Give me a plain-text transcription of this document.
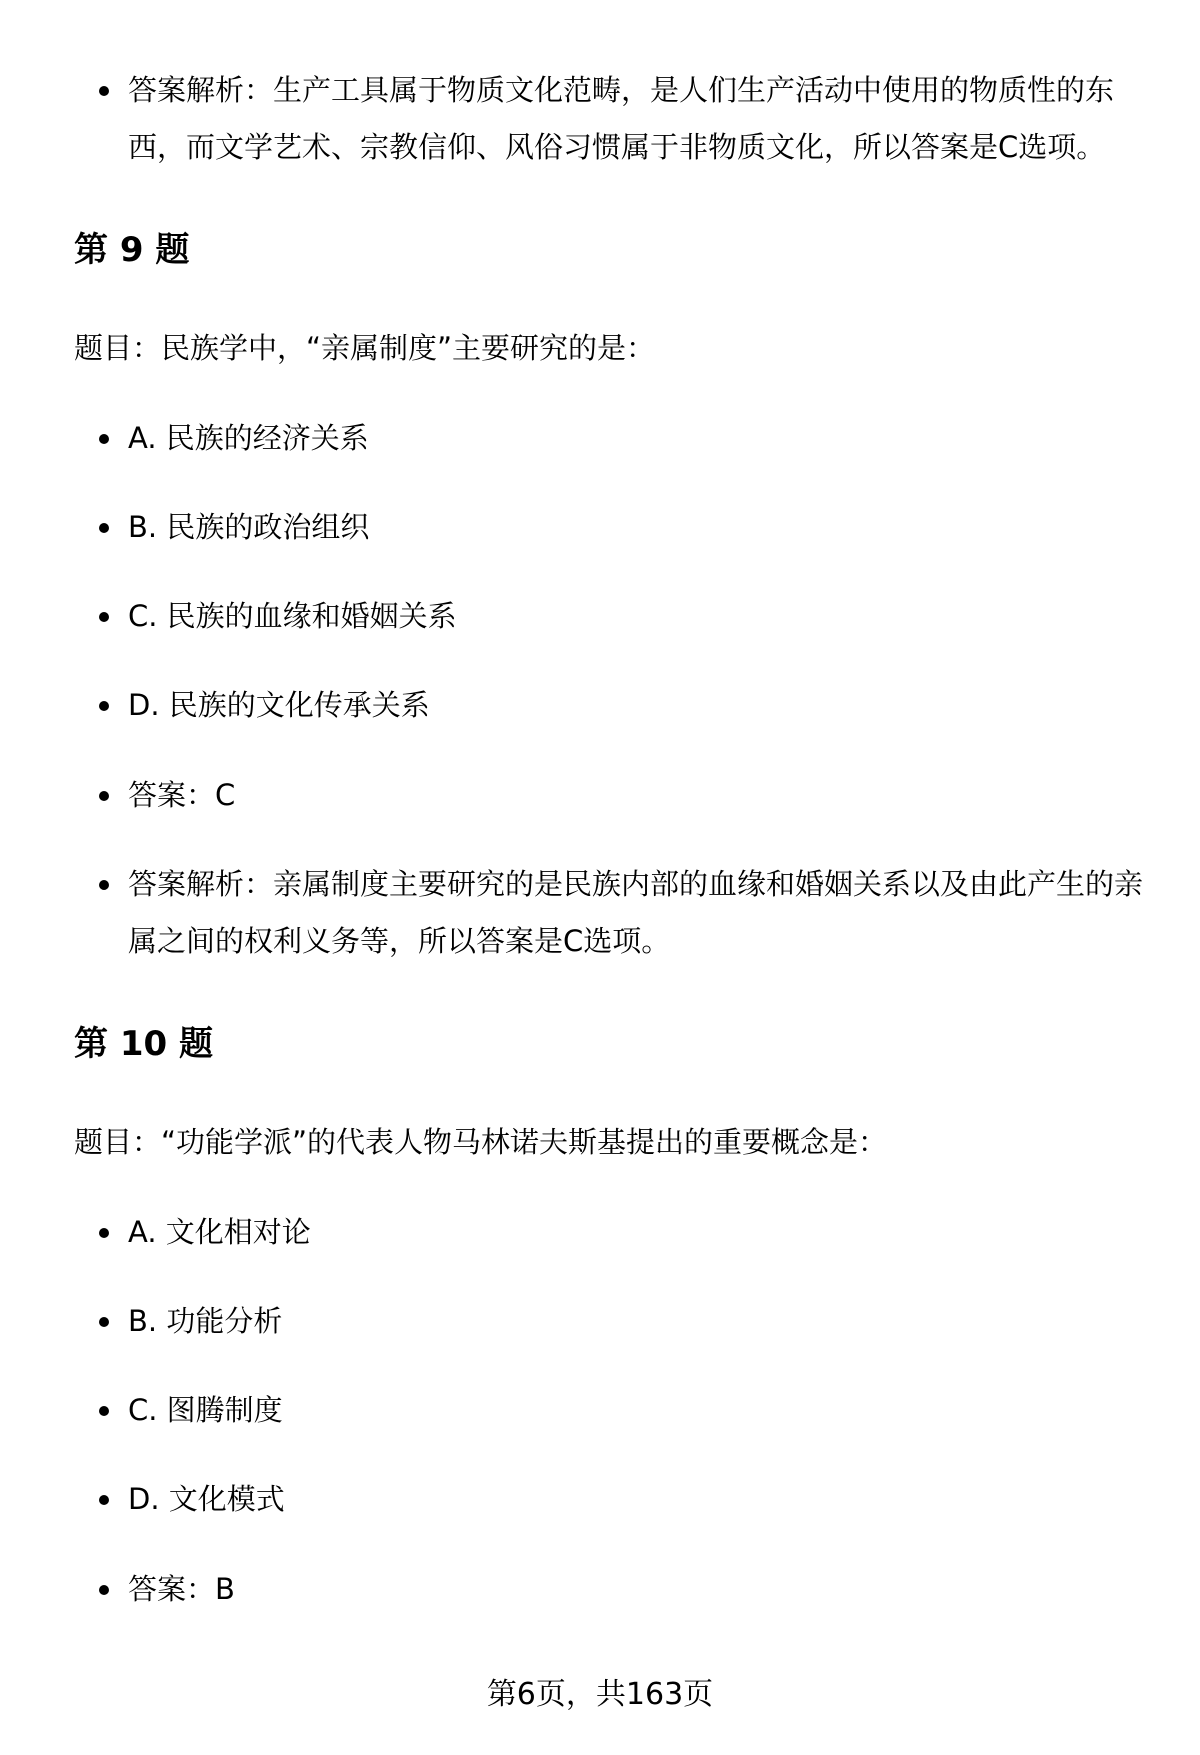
答案解析：生产工具属于物质文化范畴，是人们生产活动中使用的物质性的东西，而文学艺术、宗教信仰、风俗习惯属于非物质文化，所以答案是C选项。

第 9 题

题目：民族学中，“亲属制度”主要研究的是：

A. 民族的经济关系

B. 民族的政治组织

C. 民族的血缘和婚姻关系

D. 民族的文化传承关系

答案：C

答案解析：亲属制度主要研究的是民族内部的血缘和婚姻关系以及由此产生的亲属之间的权利义务等，所以答案是C选项。

第 10 题

题目：“功能学派”的代表人物马林诺夫斯基提出的重要概念是：

A. 文化相对论

B. 功能分析

C. 图腾制度

D. 文化模式

答案：B

第6页，共163页
